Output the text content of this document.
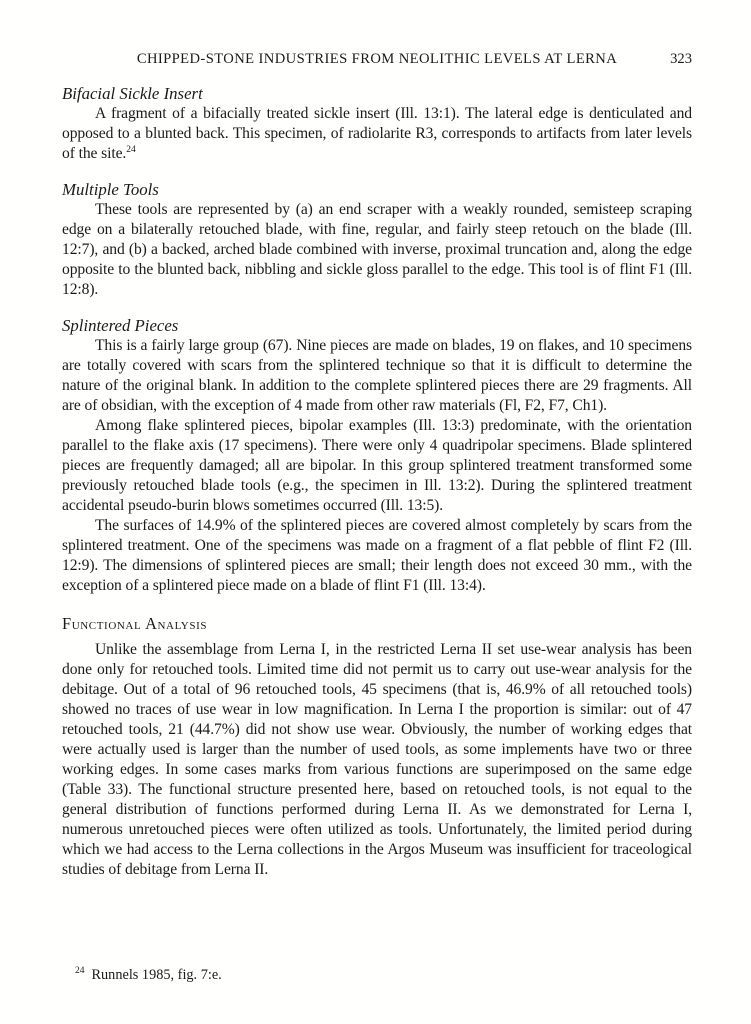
CHIPPED-STONE INDUSTRIES FROM NEOLITHIC LEVELS AT LERNA	323
Bifacial Sickle Insert

A fragment of a bifacially treated sickle insert (Ill. 13:1). The lateral edge is denticulated and opposed to a blunted back. This specimen, of radiolarite R3, corresponds to artifacts from later levels of the site.$^{24}$

Multiple Tools

These tools are represented by (a) an end scraper with a weakly rounded, semisteep scraping edge on a bilaterally retouched blade, with fine, regular, and fairly steep retouch on the blade (Ill. 12:7), and (b) a backed, arched blade combined with inverse, proximal truncation and, along the edge opposite to the blunted back, nibbling and sickle gloss parallel to the edge. This tool is of flint F1 (Ill. 12:8).

Splintered Pieces

This is a fairly large group (67). Nine pieces are made on blades, 19 on flakes, and 10 specimens are totally covered with scars from the splintered technique so that it is difficult to determine the nature of the original blank. In addition to the complete splintered pieces there are 29 fragments. All are of obsidian, with the exception of 4 made from other raw materials (Fl, F2, F7, Ch1).

Among flake splintered pieces, bipolar examples (Ill. 13:3) predominate, with the orientation parallel to the flake axis (17 specimens). There were only 4 quadripolar specimens. Blade splintered pieces are frequently damaged; all are bipolar. In this group splintered treatment transformed some previously retouched blade tools (e.g., the specimen in Ill. 13:2). During the splintered treatment accidental pseudo-burin blows sometimes occurred (Ill. 13:5).

The surfaces of 14.9% of the splintered pieces are covered almost completely by scars from the splintered treatment. One of the specimens was made on a fragment of a flat pebble of flint F2 (Ill. 12:9). The dimensions of splintered pieces are small; their length does not exceed 30 mm., with the exception of a splintered piece made on a blade of flint F1 (Ill. 13:4).

Functional Analysis

Unlike the assemblage from Lerna I, in the restricted Lerna II set use-wear analysis has been done only for retouched tools. Limited time did not permit us to carry out use-wear analysis for the debitage. Out of a total of 96 retouched tools, 45 specimens (that is, 46.9% of all retouched tools) showed no traces of use wear in low magnification. In Lerna I the proportion is similar: out of 47 retouched tools, 21 (44.7%) did not show use wear. Obviously, the number of working edges that were actually used is larger than the number of used tools, as some implements have two or three working edges. In some cases marks from various functions are superimposed on the same edge (Table 33). The functional structure presented here, based on retouched tools, is not equal to the general distribution of functions performed during Lerna II. As we demonstrated for Lerna I, numerous unretouched pieces were often utilized as tools. Unfortunately, the limited period during which we had access to the Lerna collections in the Argos Museum was insufficient for traceological studies of debitage from Lerna II.

$^{24}$ Runnels 1985, fig. 7:e.
